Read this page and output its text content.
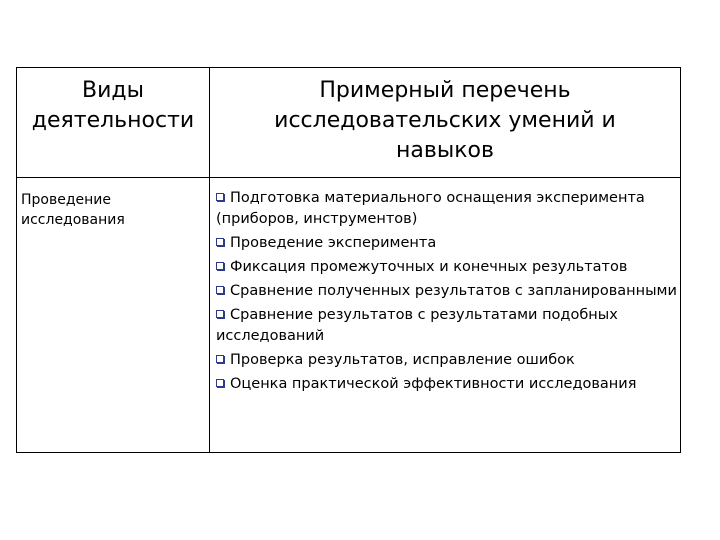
Виды
деятельности
Примерный перечень
исследовательских умений и
навыков
Проведение
исследования
Подготовка материального оснащения эксперимента (приборов, инструментов)
Проведение эксперимента
Фиксация промежуточных и конечных результатов
Сравнение полученных результатов с запланированными
Сравнение результатов с результатами подобных исследований
Проверка результатов, исправление ошибок
Оценка практической эффективности исследования
